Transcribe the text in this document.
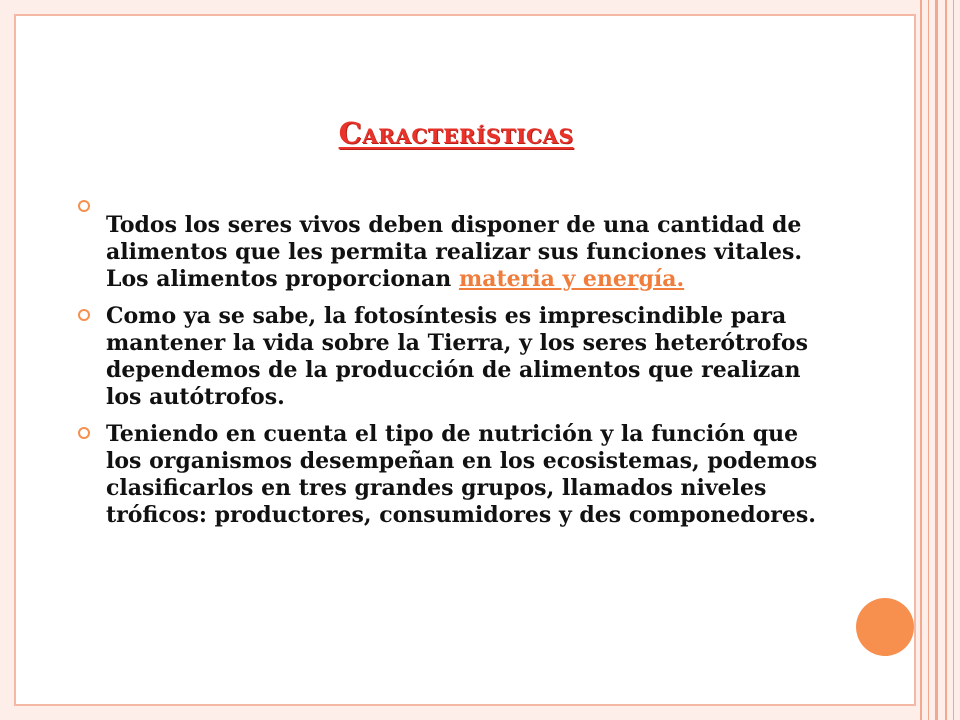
Características
Todos los seres vivos deben disponer de una cantidad de alimentos que les permita realizar sus funciones vitales. Los alimentos proporcionan materia y energía.
Como ya se sabe, la fotosíntesis es imprescindible para mantener la vida sobre la Tierra, y los seres heterótrofos dependemos de la producción de alimentos que realizan los autótrofos.
Teniendo en cuenta el tipo de nutrición y la función que los organismos desempeñan en los ecosistemas, podemos clasificarlos en tres grandes grupos, llamados niveles tróficos: productores, consumidores y des componedores.
